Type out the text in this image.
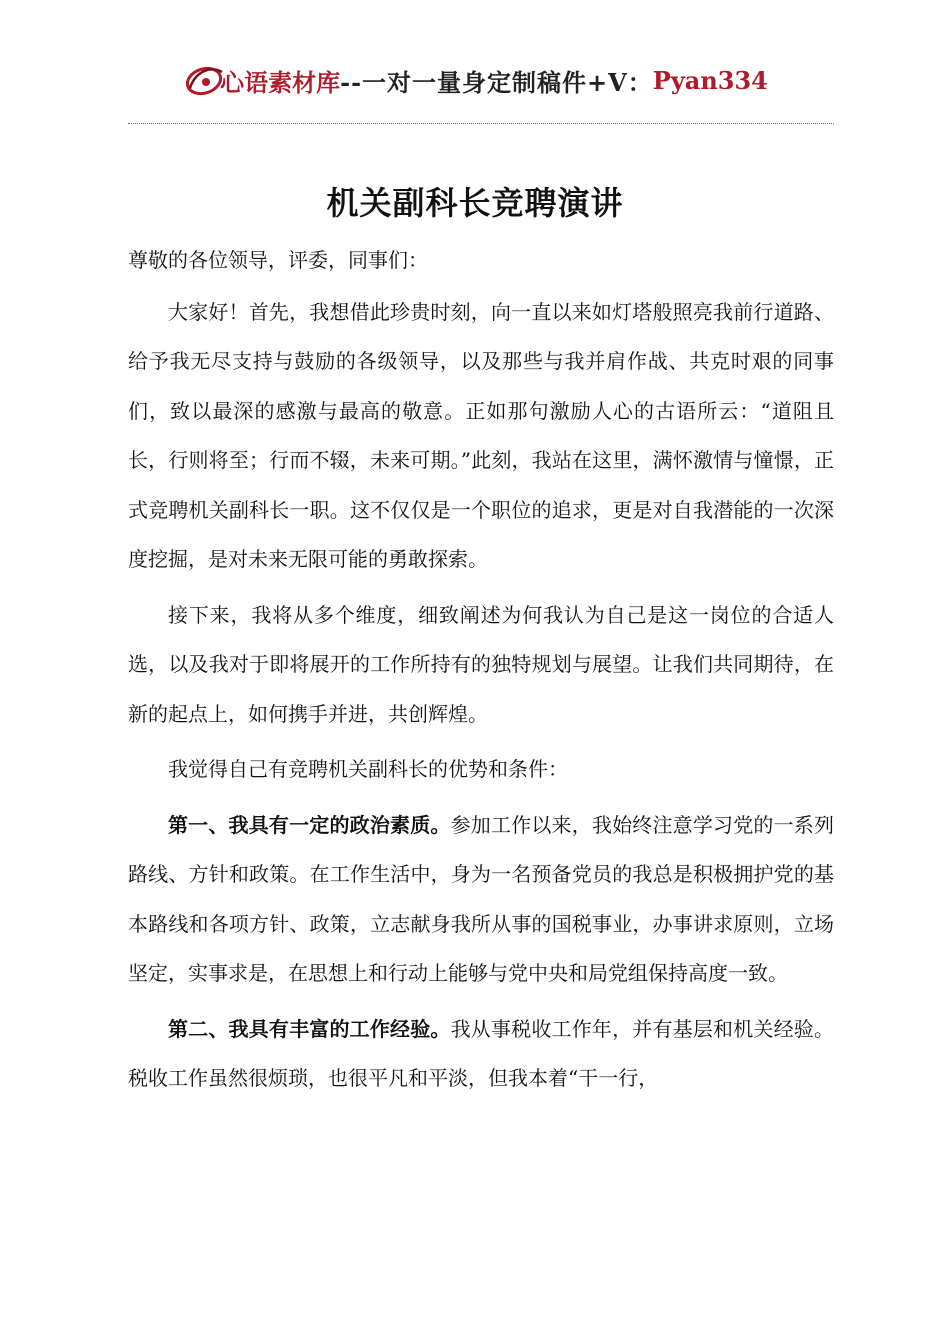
心语素材库 --一对一量身定制稿件+V： Pyan334
机关副科长竞聘演讲

尊敬的各位领导，评委，同事们：

大家好！首先，我想借此珍贵时刻，向一直以来如灯塔般照亮我前行道路、给予我无尽支持与鼓励的各级领导，以及那些与我并肩作战、共克时艰的同事们，致以最深的感激与最高的敬意。正如那句激励人心的古语所云：“道阻且长，行则将至；行而不辍，未来可期。”此刻，我站在这里，满怀激情与憧憬，正式竞聘机关副科长一职。这不仅仅是一个职位的追求，更是对自我潜能的一次深度挖掘，是对未来无限可能的勇敢探索。

接下来，我将从多个维度，细致阐述为何我认为自己是这一岗位的合适人选，以及我对于即将展开的工作所持有的独特规划与展望。让我们共同期待，在新的起点上，如何携手并进，共创辉煌。

我觉得自己有竞聘机关副科长的优势和条件：

第一、我具有一定的政治素质。参加工作以来，我始终注意学习党的一系列路线、方针和政策。在工作生活中，身为一名预备党员的我总是积极拥护党的基本路线和各项方针、政策，立志献身我所从事的国税事业，办事讲求原则，立场坚定，实事求是，在思想上和行动上能够与党中央和局党组保持高度一致。

第二、我具有丰富的工作经验。我从事税收工作年，并有基层和机关经验。税收工作虽然很烦琐，也很平凡和平淡，但我本着“干一行，
